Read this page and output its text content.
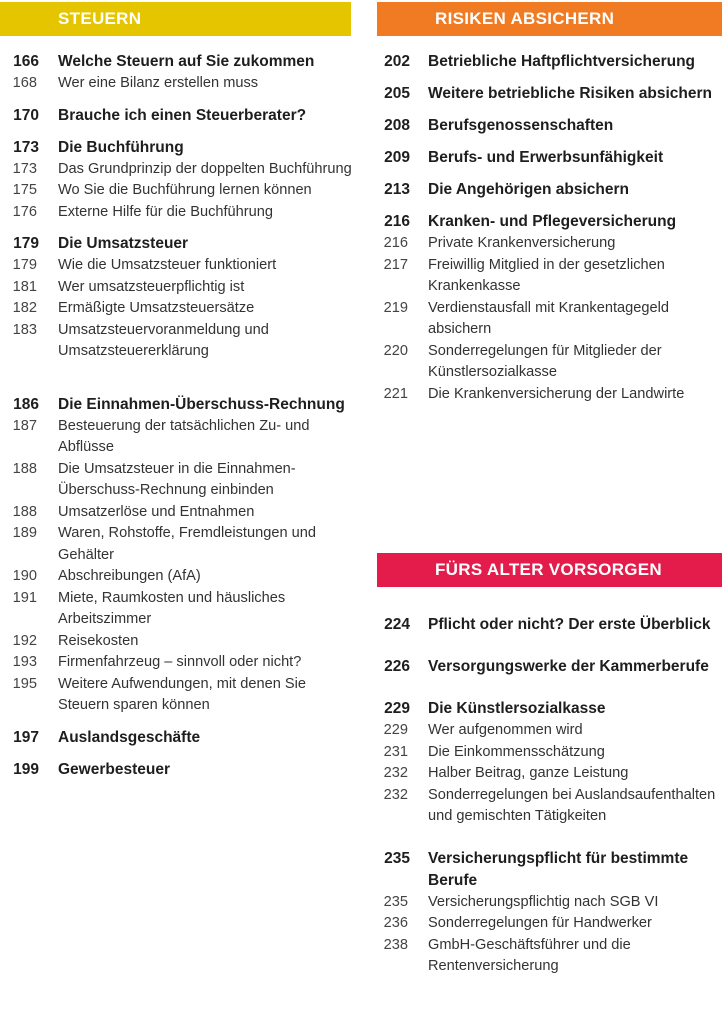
STEUERN
166 Welche Steuern auf Sie zukommen
168 Wer eine Bilanz erstellen muss
170 Brauche ich einen Steuerberater?
173 Die Buchführung
173 Das Grundprinzip der doppelten Buchführung
175 Wo Sie die Buchführung lernen können
176 Externe Hilfe für die Buchführung
179 Die Umsatzsteuer
179 Wie die Umsatzsteuer funktioniert
181 Wer umsatzsteuerpflichtig ist
182 Ermäßigte Umsatzsteuersätze
183 Umsatzsteuervoranmeldung und Umsatzsteuererklärung
186 Die Einnahmen-Überschuss-Rechnung
187 Besteuerung der tatsächlichen Zu- und Abflüsse
188 Die Umsatzsteuer in die Einnahmen-Überschuss-Rechnung einbinden
188 Umsatzerlöse und Entnahmen
189 Waren, Rohstoffe, Fremdleistungen und Gehälter
190 Abschreibungen (AfA)
191 Miete, Raumkosten und häusliches Arbeitszimmer
192 Reisekosten
193 Firmenfahrzeug – sinnvoll oder nicht?
195 Weitere Aufwendungen, mit denen Sie Steuern sparen können
197 Auslandsgeschäfte
199 Gewerbesteuer
RISIKEN ABSICHERN
202 Betriebliche Haftpflichtversicherung
205 Weitere betriebliche Risiken absichern
208 Berufsgenossenschaften
209 Berufs- und Erwerbsunfähigkeit
213 Die Angehörigen absichern
216 Kranken- und Pflegeversicherung
216 Private Krankenversicherung
217 Freiwillig Mitglied in der gesetzlichen Krankenkasse
219 Verdienstausfall mit Krankentagegeld absichern
220 Sonderregelungen für Mitglieder der Künstlersozialkasse
221 Die Krankenversicherung der Landwirte
FÜRS ALTER VORSORGEN
224 Pflicht oder nicht? Der erste Überblick
226 Versorgungswerke der Kammerberufe
229 Die Künstlersozialkasse
229 Wer aufgenommen wird
231 Die Einkommensschätzung
232 Halber Beitrag, ganze Leistung
232 Sonderregelungen bei Auslandsaufenthalten und gemischten Tätigkeiten
235 Versicherungspflicht für bestimmte Berufe
235 Versicherungspflichtig nach SGB VI
236 Sonderregelungen für Handwerker
238 GmbH-Geschäftsführer und die Rentenversicherung
